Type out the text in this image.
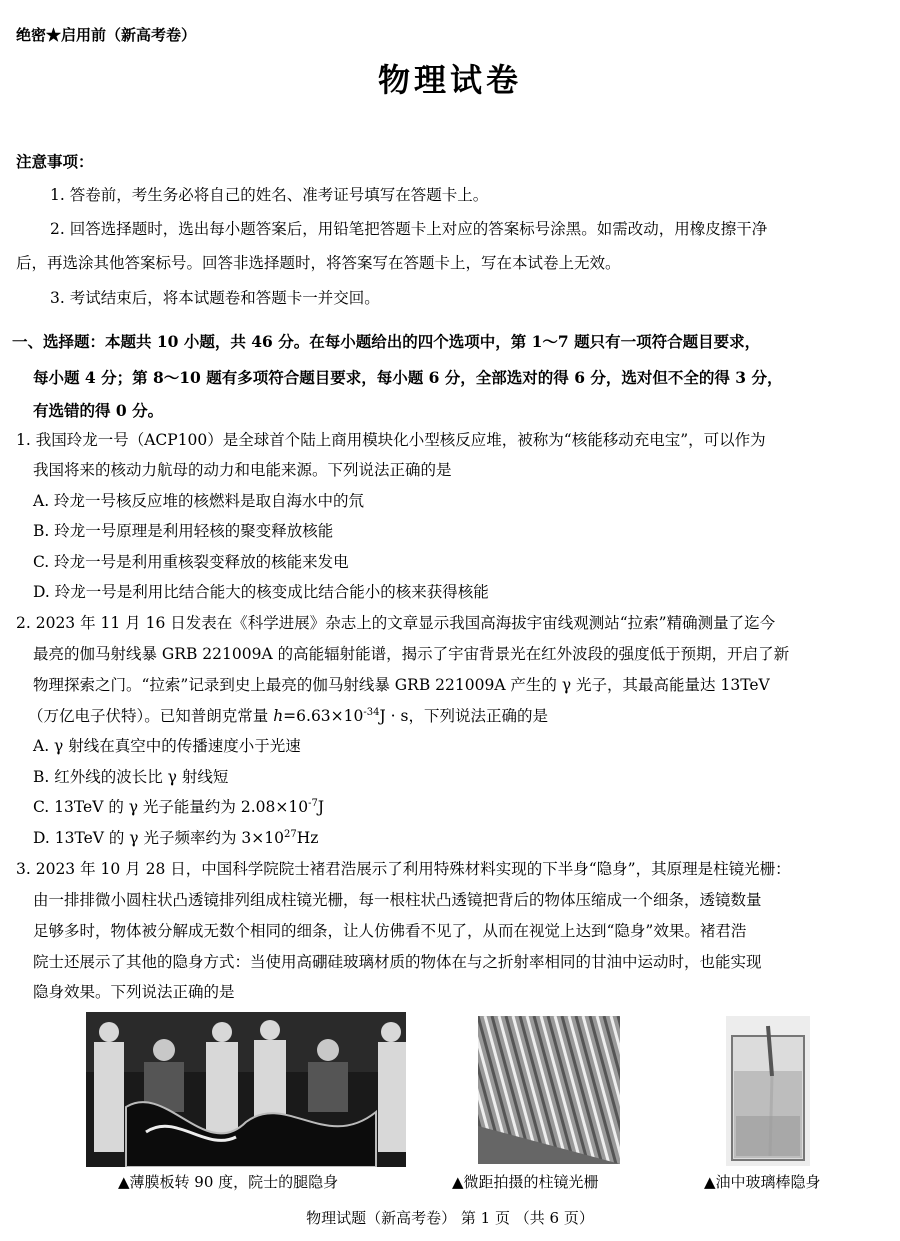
绝密★启用前（新高考卷）
物理试卷
注意事项：
1. 答卷前，考生务必将自己的姓名、准考证号填写在答题卡上。
2. 回答选择题时，选出每小题答案后，用铅笔把答题卡上对应的答案标号涂黑。如需改动，用橡皮擦干净
后，再选涂其他答案标号。回答非选择题时，将答案写在答题卡上，写在本试卷上无效。
3. 考试结束后，将本试题卷和答题卡一并交回。
一、选择题：本题共 10 小题，共 46 分。在每小题给出的四个选项中，第 1～7 题只有一项符合题目要求，
每小题 4 分；第 8～10 题有多项符合题目要求，每小题 6 分，全部选对的得 6 分，选对但不全的得 3 分，
有选错的得 0 分。
1. 我国玲龙一号（ACP100）是全球首个陆上商用模块化小型核反应堆，被称为“核能移动充电宝”，可以作为
我国将来的核动力航母的动力和电能来源。下列说法正确的是
A. 玲龙一号核反应堆的核燃料是取自海水中的氘
B. 玲龙一号原理是利用轻核的聚变释放核能
C. 玲龙一号是利用重核裂变释放的核能来发电
D. 玲龙一号是利用比结合能大的核变成比结合能小的核来获得核能
2. 2023 年 11 月 16 日发表在《科学进展》杂志上的文章显示我国高海拔宇宙线观测站“拉索”精确测量了迄今
最亮的伽马射线暴 GRB 221009A 的高能辐射能谱，揭示了宇宙背景光在红外波段的强度低于预期，开启了新
物理探索之门。“拉索”记录到史上最亮的伽马射线暴 GRB 221009A 产生的 γ 光子，其最高能量达 13TeV
（万亿电子伏特）。已知普朗克常量 $h=6.63\times 10^{-34}J \cdot s$，下列说法正确的是
A. γ 射线在真空中的传播速度小于光速
B. 红外线的波长比 γ 射线短
C. 13TeV 的 γ 光子能量约为 $2.08\times 10^{-7}J$
D. 13TeV 的 γ 光子频率约为 $3\times 10^{27}Hz$
3. 2023 年 10 月 28 日，中国科学院院士褚君浩展示了利用特殊材料实现的下半身“隐身”，其原理是柱镜光栅：
由一排排微小圆柱状凸透镜排列组成柱镜光栅，每一根柱状凸透镜把背后的物体压缩成一个细条，透镜数量
足够多时，物体被分解成无数个相同的细条，让人仿佛看不见了，从而在视觉上达到“隐身”效果。褚君浩
院士还展示了其他的隐身方式：当使用高硼硅玻璃材质的物体在与之折射率相同的甘油中运动时，也能实现
隐身效果。下列说法正确的是
▲薄膜板转 90 度，院士的腿隐身	▲微距拍摄的柱镜光栅	▲油中玻璃棒隐身
物理试题（新高考卷） 第 1 页 （共 6 页）
